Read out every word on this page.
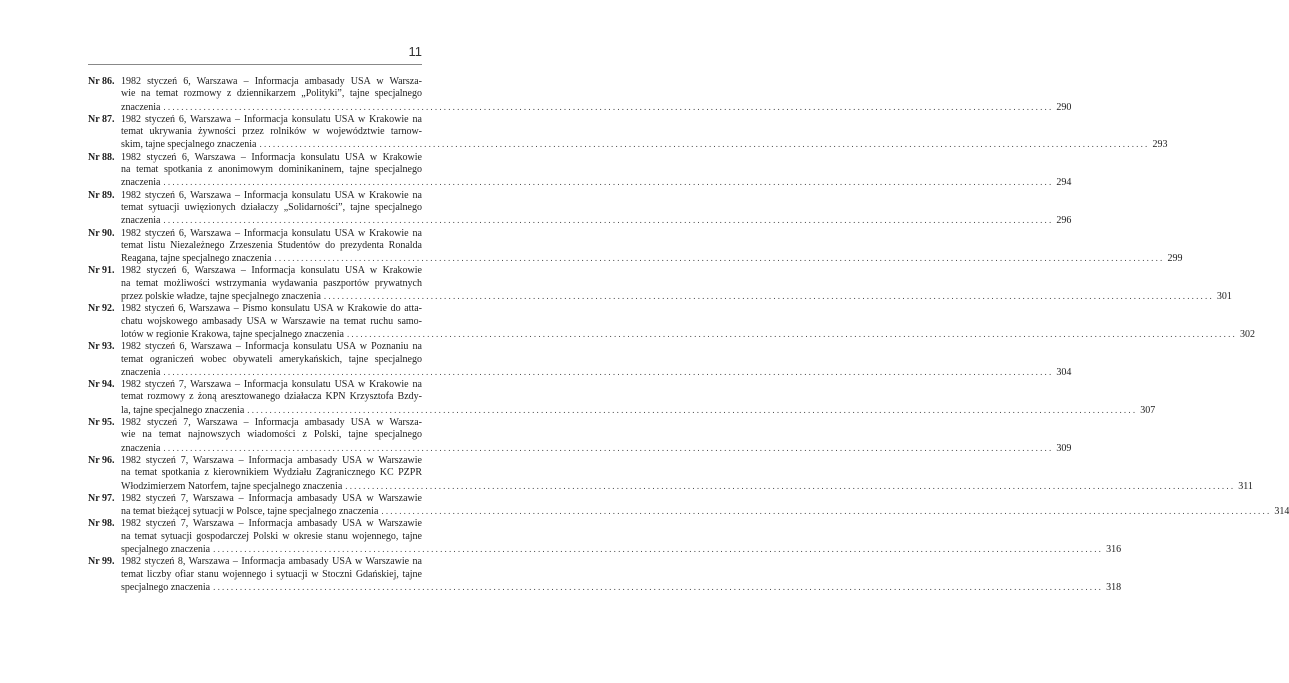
11
Nr 86. 1982 styczeń 6, Warszawa – Informacja ambasady USA w Warsza-
wie na temat rozmowy z dziennikarzem „Polityki”, tajne specjalnego
znaczenia ........................................................................................................................................................................................................ 290
Nr 87. 1982 styczeń 6, Warszawa – Informacja konsulatu USA w Krakowie na
temat ukrywania żywności przez rolników w województwie tarnow-
skim, tajne specjalnego znaczenia ........................................................................................................................................................................................................ 293
Nr 88. 1982 styczeń 6, Warszawa – Informacja konsulatu USA w Krakowie
na temat spotkania z anonimowym dominikaninem, tajne specjalnego
znaczenia ........................................................................................................................................................................................................ 294
Nr 89. 1982 styczeń 6, Warszawa – Informacja konsulatu USA w Krakowie na
temat sytuacji uwięzionych działaczy „Solidarności”, tajne specjalnego
znaczenia ........................................................................................................................................................................................................ 296
Nr 90. 1982 styczeń 6, Warszawa – Informacja konsulatu USA w Krakowie na
temat listu Niezależnego Zrzeszenia Studentów do prezydenta Ronalda
Reagana, tajne specjalnego znaczenia ........................................................................................................................................................................................................ 299
Nr 91. 1982 styczeń 6, Warszawa – Informacja konsulatu USA w Krakowie
na temat możliwości wstrzymania wydawania paszportów prywatnych
przez polskie władze, tajne specjalnego znaczenia ........................................................................................................................................................................................................ 301
Nr 92. 1982 styczeń 6, Warszawa – Pismo konsulatu USA w Krakowie do atta-
chatu wojskowego ambasady USA w Warszawie na temat ruchu samo-
lotów w regionie Krakowa, tajne specjalnego znaczenia ........................................................................................................................................................................................................ 302
Nr 93. 1982 styczeń 6, Warszawa – Informacja konsulatu USA w Poznaniu na
temat ograniczeń wobec obywateli amerykańskich, tajne specjalnego
znaczenia ........................................................................................................................................................................................................ 304
Nr 94. 1982 styczeń 7, Warszawa – Informacja konsulatu USA w Krakowie na
temat rozmowy z żoną aresztowanego działacza KPN Krzysztofa Bzdy-
la, tajne specjalnego znaczenia ........................................................................................................................................................................................................ 307
Nr 95. 1982 styczeń 7, Warszawa – Informacja ambasady USA w Warsza-
wie na temat najnowszych wiadomości z Polski, tajne specjalnego
znaczenia ........................................................................................................................................................................................................ 309
Nr 96. 1982 styczeń 7, Warszawa – Informacja ambasady USA w Warszawie
na temat spotkania z kierownikiem Wydziału Zagranicznego KC PZPR
Włodzimierzem Natorfem, tajne specjalnego znaczenia ........................................................................................................................................................................................................ 311
Nr 97. 1982 styczeń 7, Warszawa – Informacja ambasady USA w Warszawie
na temat bieżącej sytuacji w Polsce, tajne specjalnego znaczenia ........................................................................................................................................................................................................ 314
Nr 98. 1982 styczeń 7, Warszawa – Informacja ambasady USA w Warszawie
na temat sytuacji gospodarczej Polski w okresie stanu wojennego, tajne
specjalnego znaczenia ........................................................................................................................................................................................................ 316
Nr 99. 1982 styczeń 8, Warszawa – Informacja ambasady USA w Warszawie na
temat liczby ofiar stanu wojennego i sytuacji w Stoczni Gdańskiej, tajne
specjalnego znaczenia ........................................................................................................................................................................................................ 318
